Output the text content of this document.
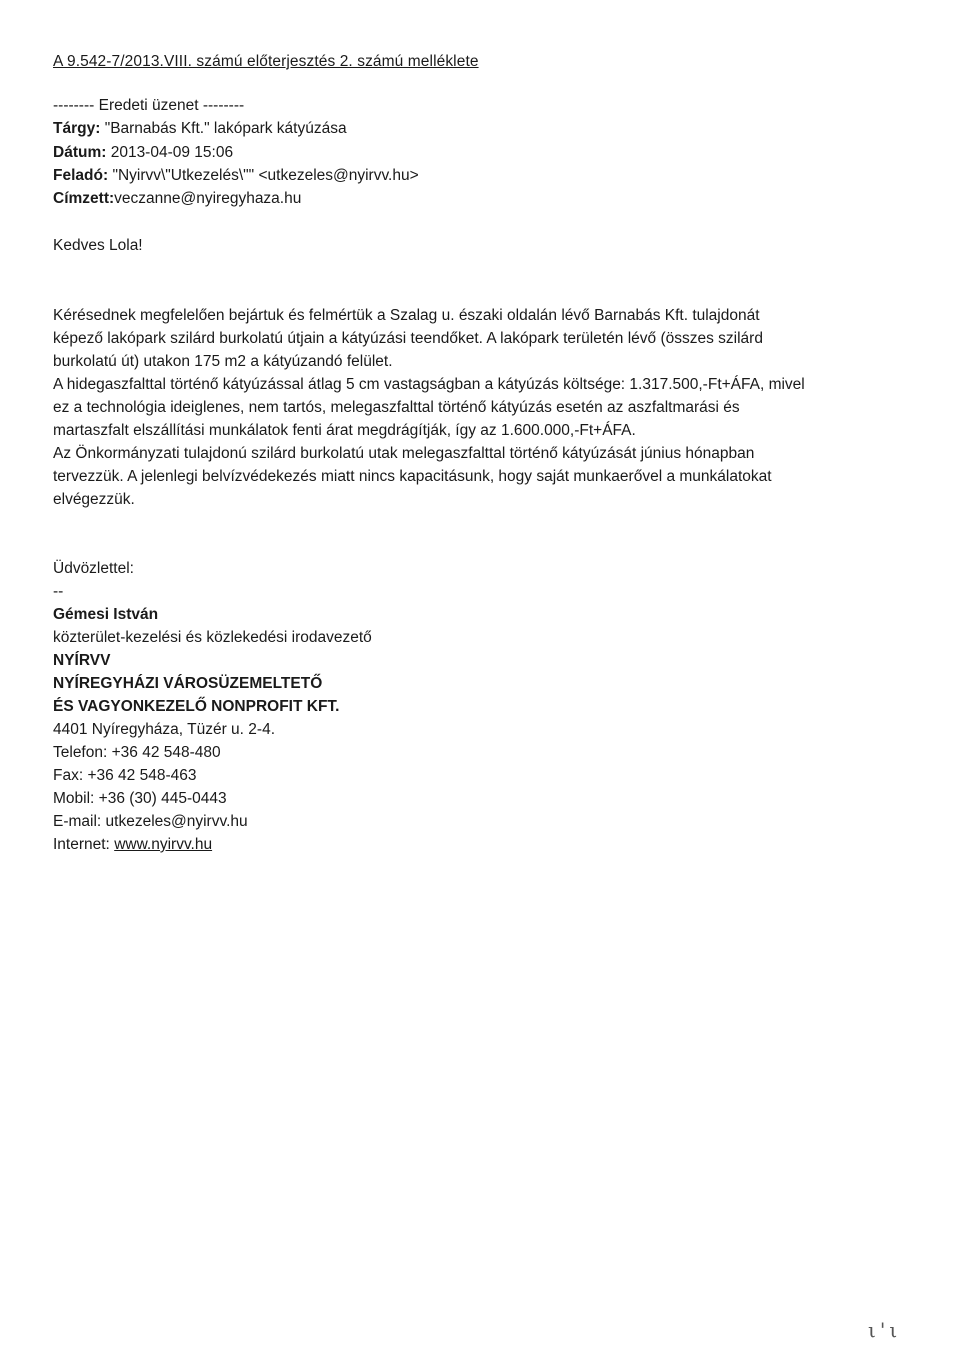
A 9.542-7/2013.VIII. számú előterjesztés 2. számú melléklete
-------- Eredeti üzenet --------
Tárgy: "Barnabás Kft." lakópark kátyúzása
Dátum: 2013-04-09 15:06
Feladó: "Nyirvv\"Utkezelés\"" <utkezeles@nyirvv.hu>
Címzett:veczanne@nyiregyhaza.hu
Kedves Lola!
Kérésednek megfelelően bejártuk és felmértük a Szalag u. északi oldalán lévő Barnabás Kft. tulajdonát
képező lakópark szilárd burkolatú útjain a kátyúzási teendőket. A lakópark területén lévő (összes szilárd
burkolatú út) utakon 175 m2 a kátyúzandó felület.
A hidegaszfalttal történő kátyúzással átlag 5 cm vastagságban a kátyúzás költsége: 1.317.500,-Ft+ÁFA, mivel
ez a technológia ideiglenes, nem tartós, melegaszfalttal történő kátyúzás esetén az aszfaltmarási és
martaszfalt elszállítási munkálatok fenti árat megdrágítják, így az 1.600.000,-Ft+ÁFA.
Az Önkormányzati tulajdonú szilárd burkolatú utak melegaszfalttal történő kátyúzását június hónapban
tervezzük. A jelenlegi belvízvédekezés miatt nincs kapacitásunk, hogy saját munkaerővel a munkálatokat
elvégezzük.
Üdvözlettel:
--
Gémesi István
közterület-kezelési és közlekedési irodavezető
NYÍRVV
NYÍREGYHÁZI VÁROSÜZEMELTETŐ
ÉS VAGYONKEZELŐ NONPROFIT KFT.
4401 Nyíregyháza, Tüzér u. 2-4.
Telefon: +36 42 548-480
Fax: +36 42 548-463
Mobil: +36 (30) 445-0443
E-mail: utkezeles@nyirvv.hu
Internet: www.nyirvv.hu
ι'ι
